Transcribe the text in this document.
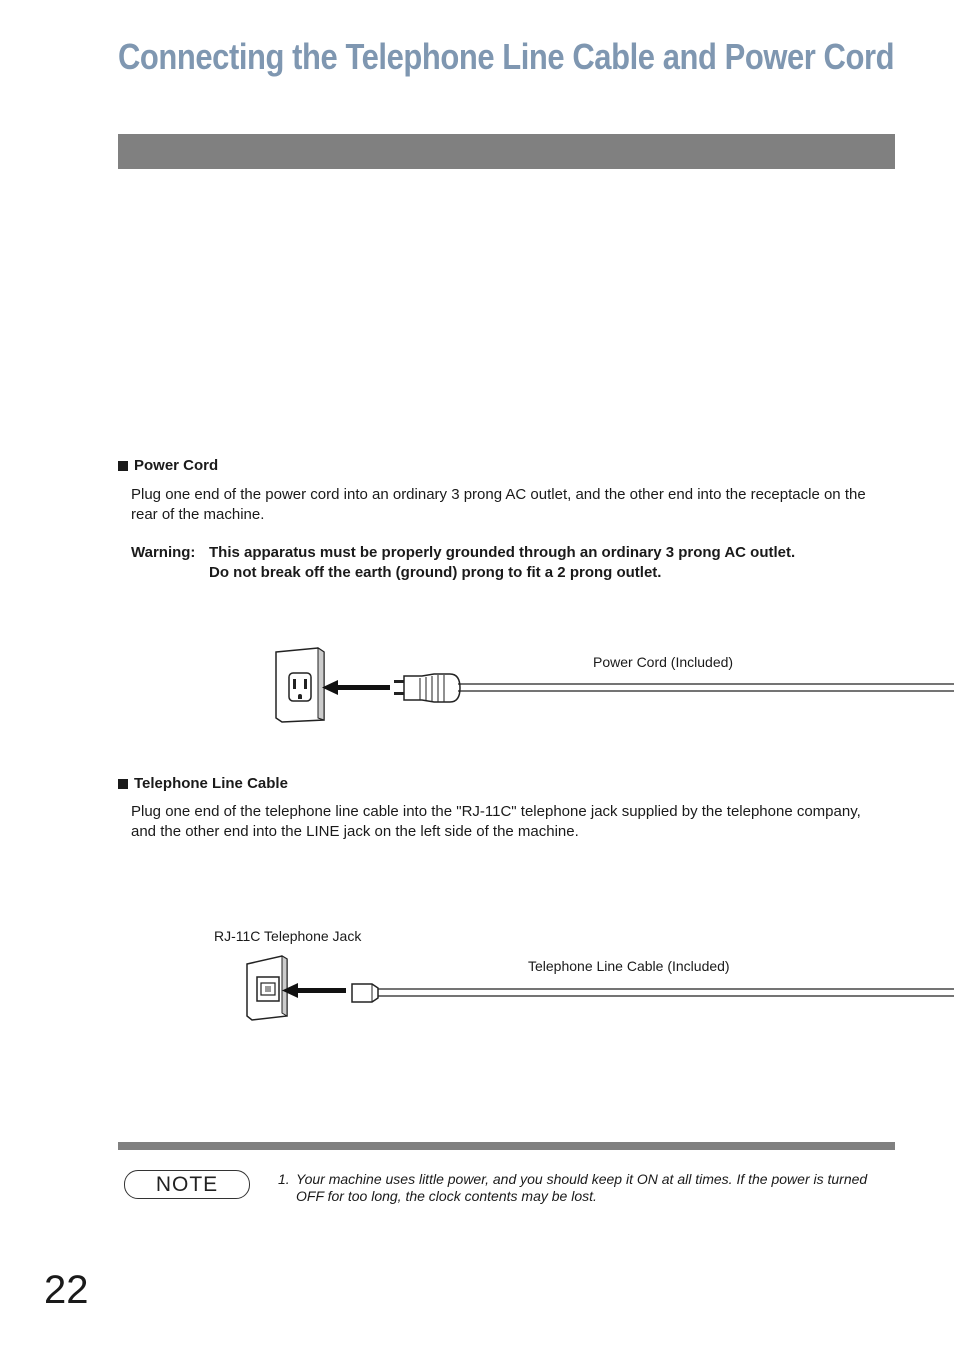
Connecting the Telephone Line Cable and Power Cord
Power Cord
Plug one end of the power cord into an ordinary 3 prong AC outlet, and the other end into the receptacle on the rear of the machine.
Warning: This apparatus must be properly grounded through an ordinary 3 prong AC outlet.
Do not break off the earth (ground) prong to fit a 2 prong outlet.
Power Cord (Included)
Telephone Line Cable
Plug one end of the telephone line cable into the "RJ-11C" telephone jack supplied by the telephone company, and the other end into the LINE jack on the left side of the machine.
RJ-11C Telephone Jack
Telephone Line Cable (Included)
NOTE	1. Your machine uses little power, and you should keep it ON at all times. If the power is turned OFF for too long, the clock contents may be lost.
22
